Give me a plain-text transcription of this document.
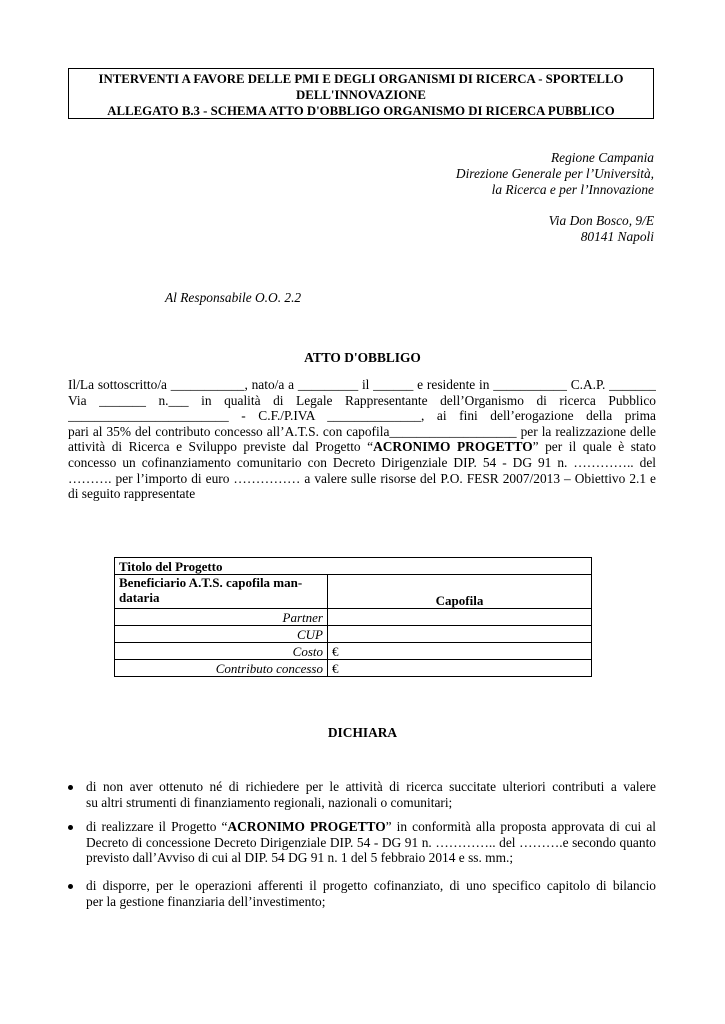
INTERVENTI A FAVORE DELLE PMI E DEGLI ORGANISMI DI RICERCA - SPORTELLO
DELL'INNOVAZIONE
ALLEGATO B.3 - SCHEMA ATTO D'OBBLIGO ORGANISMO DI RICERCA PUBBLICO
Regione Campania
Direzione Generale per l’Università,
la Ricerca e per l’Innovazione
Via Don Bosco, 9/E
80141 Napoli
Al Responsabile O.O. 2.2
ATTO D'OBBLIGO
Il/La sottoscritto/a ___________, nato/a a _________ il ______ e residente in ___________ C.A.P. _______
Via _______ n.___ in qualità di Legale Rappresentante dell’Organismo di ricerca Pubblico
________________________ - C.F./P.IVA ______________, ai fini dell’erogazione della prima
pari al 35% del contributo concesso all’A.T.S. con capofila___________________ per la realizzazione delle
attività di Ricerca e Sviluppo previste dal Progetto “ACRONIMO PROGETTO” per il quale è stato
concesso un cofinanziamento comunitario con Decreto Dirigenziale DIP. 54 - DG 91 n. ………….. del
………. per l’importo di euro …………… a valere sulle risorse del P.O. FESR 2007/2013 – Obiettivo 2.1 e
di seguito rappresentate
Titolo del Progetto	

Beneficiario A.T.S. capofila man-
dataria	Capofila
Partner	
CUP	
Costo	€
Contributo concesso	€
DICHIARA
di non aver ottenuto né di richiedere per le attività di ricerca succitate ulteriori contributi a valere
su altri strumenti di finanziamento regionali, nazionali o comunitari;
di realizzare il Progetto “ACRONIMO PROGETTO” in conformità alla proposta approvata di cui al
Decreto di concessione Decreto Dirigenziale DIP. 54 - DG 91 n. ………….. del ……….e secondo quanto
previsto dall’Avviso di cui al DIP. 54 DG 91 n. 1 del 5 febbraio 2014 e ss. mm.;
di disporre, per le operazioni afferenti il progetto cofinanziato, di uno specifico capitolo di bilancio
per la gestione finanziaria dell’investimento;
